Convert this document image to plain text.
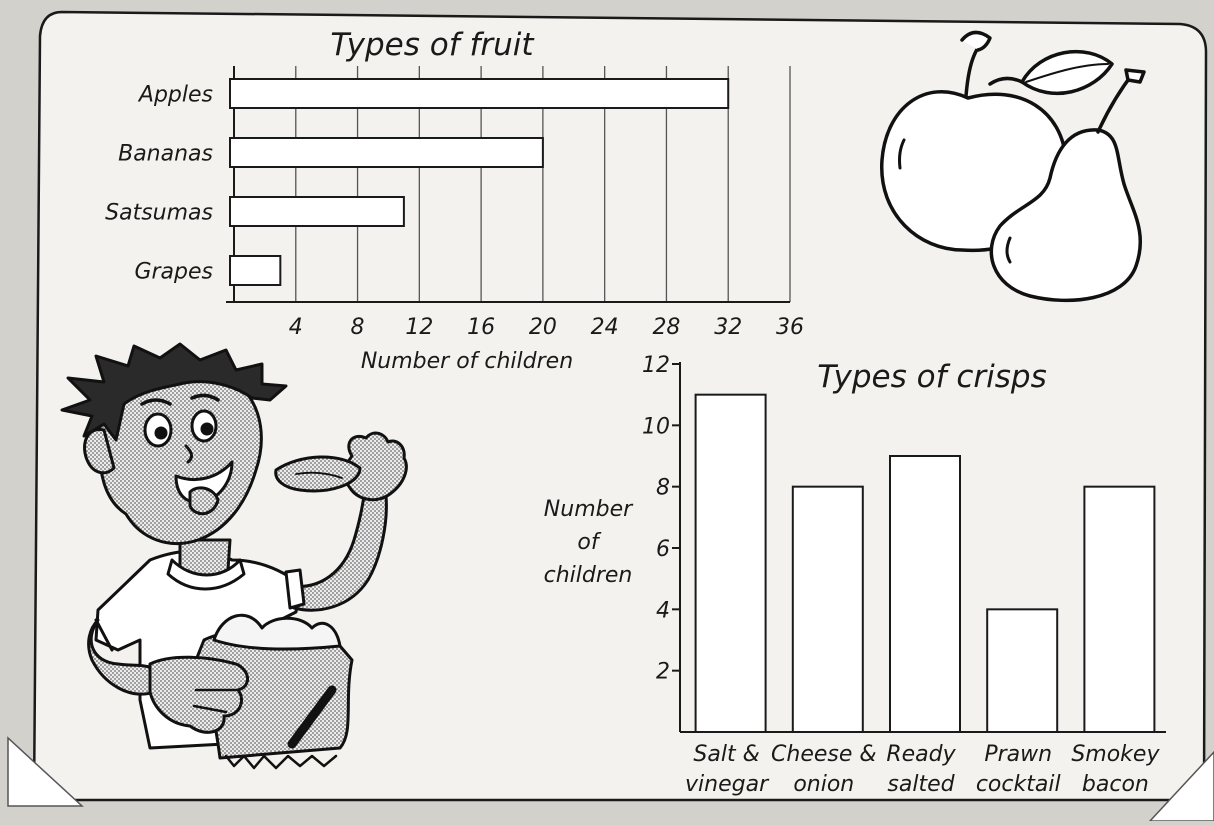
Types of fruit
Apples
Bananas
Satsumas
Grapes
4 8 12 16 20 24 28 32 36
Number of children	Types of crisps
2
4
6
8
10
12
Salt &
vinegar
Cheese &
onion
Ready
salted
Prawn
cocktail
Smokey
bacon
Number
of
children
